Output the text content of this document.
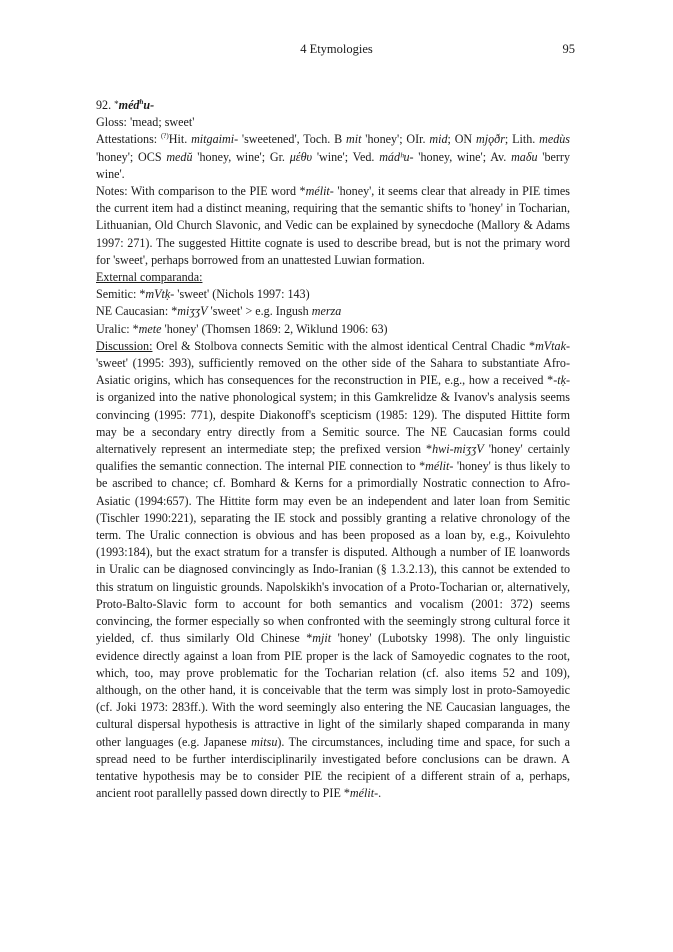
4 Etymologies	95

92. *méd$^h$u-

Gloss: 'mead; sweet'

Attestations: (?)Hit. mitgaimi- 'sweetened', Toch. B mit 'honey'; OIr. mid; ON mjǫðr; Lith. medùs 'honey'; OCS medŭ 'honey, wine'; Gr. μέθυ 'wine'; Ved. mádʰu- 'honey, wine'; Av. maδu 'berry wine'.

Notes: With comparison to the PIE word *mélit- 'honey', it seems clear that already in PIE times the current item had a distinct meaning, requiring that the semantic shifts to 'honey' in Tocharian, Lithuanian, Old Church Slavonic, and Vedic can be explained by synecdoche (Mallory & Adams 1997: 271). The suggested Hittite cognate is used to describe bread, but is not the primary word for 'sweet', perhaps borrowed from an unattested Luwian formation.

External comparanda:

Semitic: *mVtḳ- 'sweet' (Nichols 1997: 143)

NE Caucasian: *miʒʒV 'sweet' > e.g. Ingush merza

Uralic: *mete 'honey' (Thomsen 1869: 2, Wiklund 1906: 63)

Discussion: Orel & Stolbova connects Semitic with the almost identical Central Chadic *mVtak- 'sweet' (1995: 393), sufficiently removed on the other side of the Sahara to substantiate Afro-Asiatic origins, which has consequences for the reconstruction in PIE, e.g., how a received *-tḳ- is organized into the native phonological system; in this Gamkrelidze & Ivanov's analysis seems convincing (1995: 771), despite Diakonoff's scepticism (1985: 129). The disputed Hittite form may be a secondary entry directly from a Semitic source. The NE Caucasian forms could alternatively represent an intermediate step; the prefixed version *hwi-miʒʒV 'honey' certainly qualifies the semantic connection. The internal PIE connection to *mélit- 'honey' is thus likely to be ascribed to chance; cf. Bomhard & Kerns for a primordially Nostratic connection to Afro-Asiatic (1994:657). The Hittite form may even be an independent and later loan from Semitic (Tischler 1990:221), separating the IE stock and possibly granting a relative chronology of the term. The Uralic connection is obvious and has been proposed as a loan by, e.g., Koivulehto (1993:184), but the exact stratum for a transfer is disputed. Although a number of IE loanwords in Uralic can be diagnosed convincingly as Indo-Iranian (§ 1.3.2.13), this cannot be extended to this stratum on linguistic grounds. Napolskikh's invocation of a Proto-Tocharian or, alternatively, Proto-Balto-Slavic form to account for both semantics and vocalism (2001: 372) seems convincing, the former especially so when confronted with the seemingly strong cultural force it yielded, cf. thus similarly Old Chinese *mjit 'honey' (Lubotsky 1998). The only linguistic evidence directly against a loan from PIE proper is the lack of Samoyedic cognates to the root, which, too, may prove problematic for the Tocharian relation (cf. also items 52 and 109), although, on the other hand, it is conceivable that the term was simply lost in proto-Samoyedic (cf. Joki 1973: 283ff.). With the word seemingly also entering the NE Caucasian languages, the cultural dispersal hypothesis is attractive in light of the similarly shaped comparanda in many other languages (e.g. Japanese mitsu). The circumstances, including time and space, for such a spread need to be further interdisciplinarily investigated before conclusions can be drawn. A tentative hypothesis may be to consider PIE the recipient of a different strain of a, perhaps, ancient root parallelly passed down directly to PIE *mélit-.
